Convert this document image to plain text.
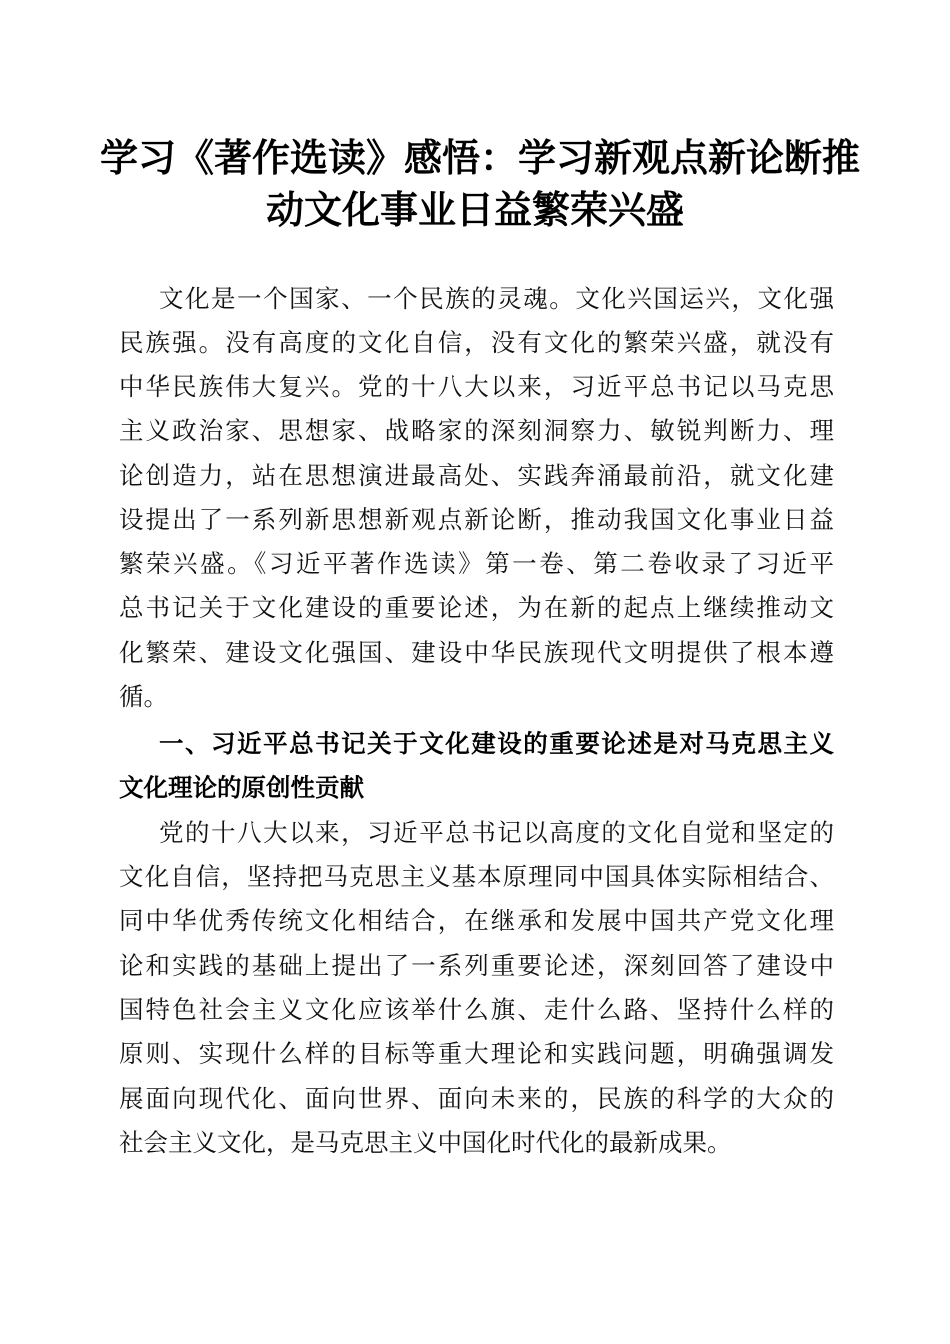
学习《著作选读》感悟：学习新观点新论断推
动文化事业日益繁荣兴盛
文化是一个国家、一个民族的灵魂。文化兴国运兴，文化强
民族强。没有高度的文化自信，没有文化的繁荣兴盛，就没有
中华民族伟大复兴。党的十八大以来，习近平总书记以马克思
主义政治家、思想家、战略家的深刻洞察力、敏锐判断力、理
论创造力，站在思想演进最高处、实践奔涌最前沿，就文化建
设提出了一系列新思想新观点新论断，推动我国文化事业日益
繁荣兴盛。《习近平著作选读》第一卷、第二卷收录了习近平
总书记关于文化建设的重要论述，为在新的起点上继续推动文
化繁荣、建设文化强国、建设中华民族现代文明提供了根本遵
循。
一、习近平总书记关于文化建设的重要论述是对马克思主义
文化理论的原创性贡献
党的十八大以来，习近平总书记以高度的文化自觉和坚定的
文化自信，坚持把马克思主义基本原理同中国具体实际相结合、
同中华优秀传统文化相结合，在继承和发展中国共产党文化理
论和实践的基础上提出了一系列重要论述，深刻回答了建设中
国特色社会主义文化应该举什么旗、走什么路、坚持什么样的
原则、实现什么样的目标等重大理论和实践问题，明确强调发
展面向现代化、面向世界、面向未来的，民族的科学的大众的
社会主义文化，是马克思主义中国化时代化的最新成果。
